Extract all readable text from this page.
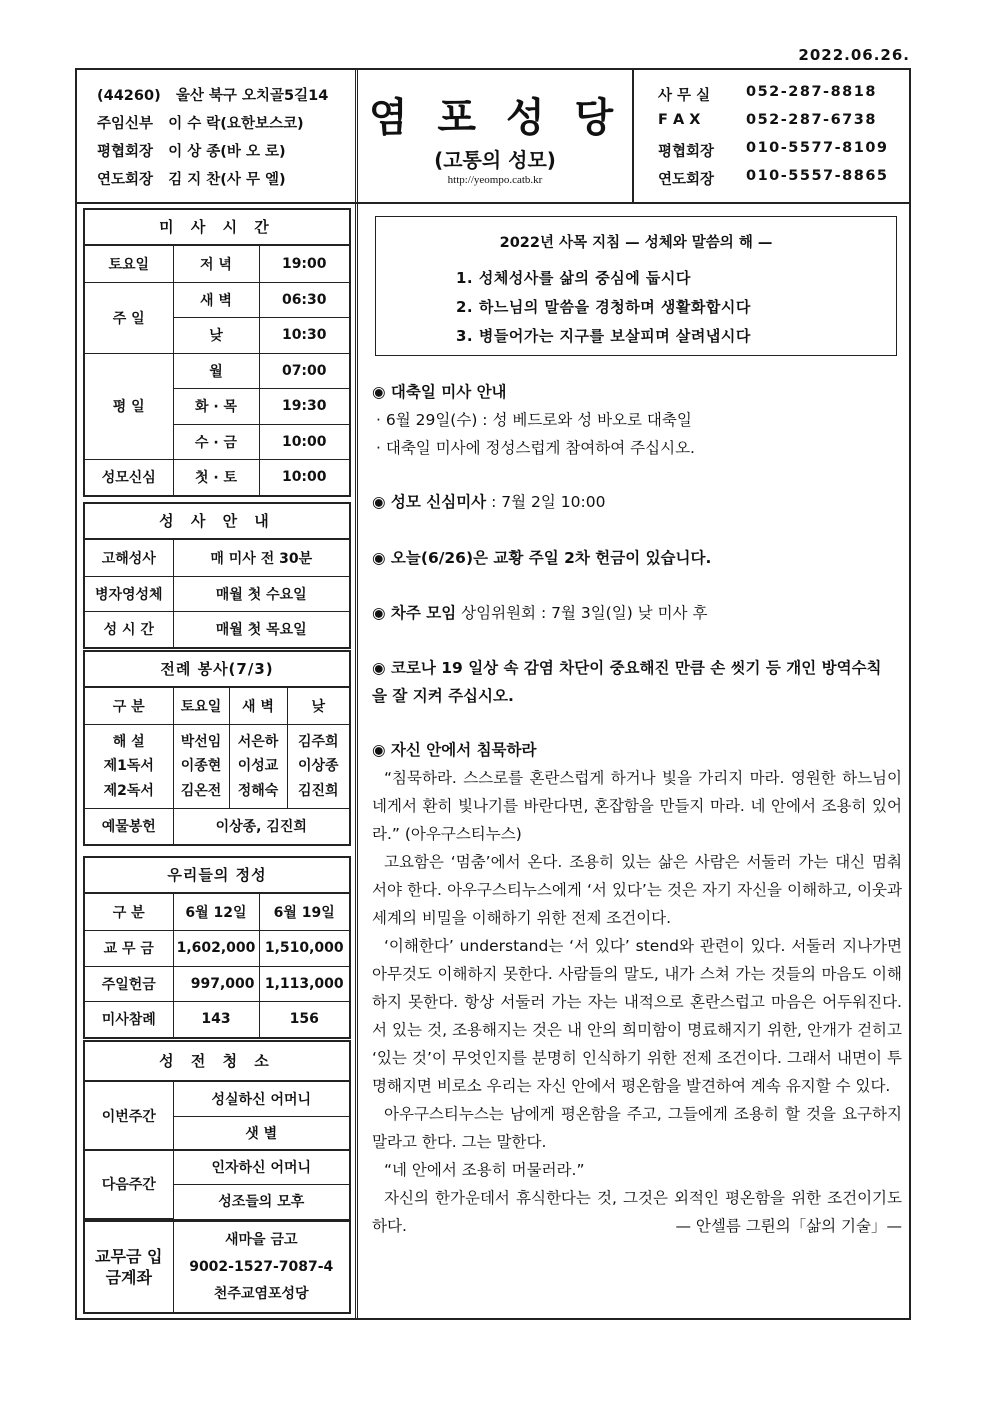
2022.06.26.
(44260) 울산 북구 오치골5길14
주임신부 이 수 락(요한보스코)
평협회장 이 상 종(바 오 로)
연도회장 김 지 찬(사 무 엘)
염 포 성 당
(고통의 성모)
http://yeompo.catb.kr
사 무 실 052-287-8818
F A X	052-287-6738
평협회장 010-5577-8109
연도회장 010-5557-8865
미 사 시 간
토요일	저 녁	19:00
주 일	새 벽	06:30
	낮	10:30
평 일	월	07:00
	화 · 목	19:30
	수 · 금	10:00
성모신심	첫 · 토	10:00
성 사 안 내
고해성사	매 미사 전 30분
병자영성체	매월 첫 수요일
성 시 간	매월 첫 목요일
전례 봉사(7/3)
구 분	토요일	새 벽	낮
해 설	박선임	서은하	김주희
제1독서	이종현	이성교	이상종
제2독서	김온전	정해숙	김진희
예물봉헌	이상종, 김진희		
우리들의 정성
구 분	6월 12일	6월 19일
교 무 금	1,602,000	1,510,000
주일헌금	997,000	1,113,000
미사참례	143	156
성 전 청 소
이번주간	성실하신 어머니
	샛 별
다음주간	인자하신 어머니
	성조들의 모후
교무금 입금계좌	
새마을 금고
9002-1527-7087-4
천주교염포성당
2022년 사목 지침 — 성체와 말씀의 해 —
1. 성체성사를 삶의 중심에 둡시다
2. 하느님의 말씀을 경청하며 생활화합시다
3. 병들어가는 지구를 보살피며 살려냅시다
◉ 대축일 미사 안내
· 6월 29일(수) : 성 베드로와 성 바오로 대축일
· 대축일 미사에 정성스럽게 참여하여 주십시오.
◉ 성모 신심미사 : 7월 2일 10:00
◉ 오늘(6/26)은 교황 주일 2차 헌금이 있습니다.
◉ 차주 모임 상임위원회 : 7월 3일(일) 낮 미사 후
◉ 코로나 19 일상 속 감염 차단이 중요해진 만큼 손 씻기 등 개인 방역수칙을 잘 지켜 주십시오.
◉ 자신 안에서 침묵하라
“침묵하라. 스스로를 혼란스럽게 하거나 빛을 가리지 마라. 영원한 하느님이 네게서 환히 빛나기를 바란다면, 혼잡함을 만들지 마라. 네 안에서 조용히 있어라.” (아우구스티누스)
고요함은 ‘멈춤’에서 온다. 조용히 있는 삶은 사람은 서둘러 가는 대신 멈춰 서야 한다. 아우구스티누스에게 ‘서 있다’는 것은 자기 자신을 이해하고, 이웃과 세계의 비밀을 이해하기 위한 전제 조건이다.
‘이해한다’ understand는 ‘서 있다’ stend와 관련이 있다. 서둘러 지나가면 아무것도 이해하지 못한다. 사람들의 말도, 내가 스쳐 가는 것들의 마음도 이해하지 못한다. 항상 서둘러 가는 자는 내적으로 혼란스럽고 마음은 어두워진다. 서 있는 것, 조용해지는 것은 내 안의 희미함이 명료해지기 위한, 안개가 걷히고 ‘있는 것’이 무엇인지를 분명히 인식하기 위한 전제 조건이다. 그래서 내면이 투명해지면 비로소 우리는 자신 안에서 평온함을 발견하여 계속 유지할 수 있다.
아우구스티누스는 남에게 평온함을 주고, 그들에게 조용히 할 것을 요구하지 말라고 한다. 그는 말한다.
“네 안에서 조용히 머물러라.”
자신의 한가운데서 휴식한다는 것, 그것은 외적인 평온함을 위한 조건이기도 하다.	— 안셀름 그륀의「삶의 기술」—
